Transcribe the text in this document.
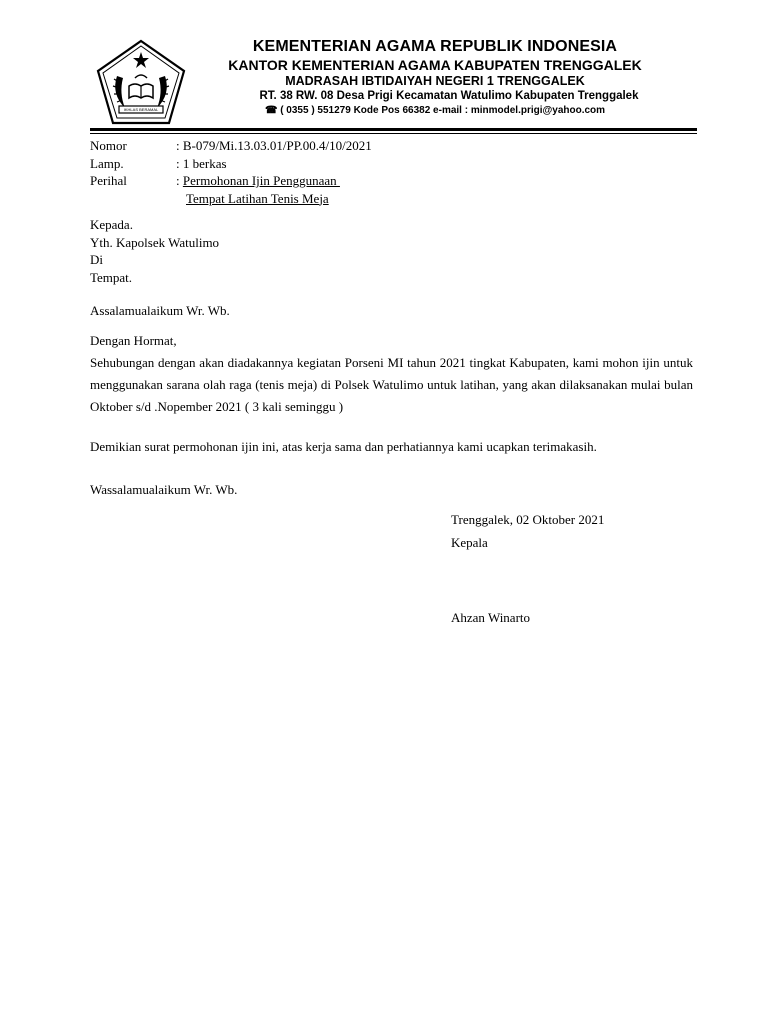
IKHLAS BERAMAL
KEMENTERIAN AGAMA REPUBLIK INDONESIA
KANTOR KEMENTERIAN AGAMA KABUPATEN TRENGGALEK
MADRASAH IBTIDAIYAH NEGERI 1 TRENGGALEK
RT. 38 RW. 08 Desa Prigi Kecamatan Watulimo Kabupaten Trenggalek
☎ ( 0355 ) 551279 Kode Pos 66382 e-mail : minmodel.prigi@yahoo.com
Nomor	: B-079/Mi.13.03.01/PP.00.4/10/2021
Lamp.	: 1 berkas
Perihal	: Permohonan Ijin Penggunaan
Tempat Latihan Tenis Meja
Kepada.
Yth. Kapolsek Watulimo
Di
Tempat.
Assalamualaikum Wr. Wb.
Dengan Hormat,
Sehubungan dengan akan diadakannya kegiatan Porseni MI tahun 2021 tingkat Kabupaten, kami mohon ijin untuk menggunakan sarana olah raga (tenis meja) di Polsek Watulimo untuk latihan, yang akan dilaksanakan mulai bulan Oktober s/d .Nopember 2021 ( 3 kali seminggu )
Demikian surat permohonan ijin ini, atas kerja sama dan perhatiannya kami ucapkan terimakasih.
Wassalamualaikum Wr. Wb.
Trenggalek, 02 Oktober 2021
Kepala
Ahzan Winarto
